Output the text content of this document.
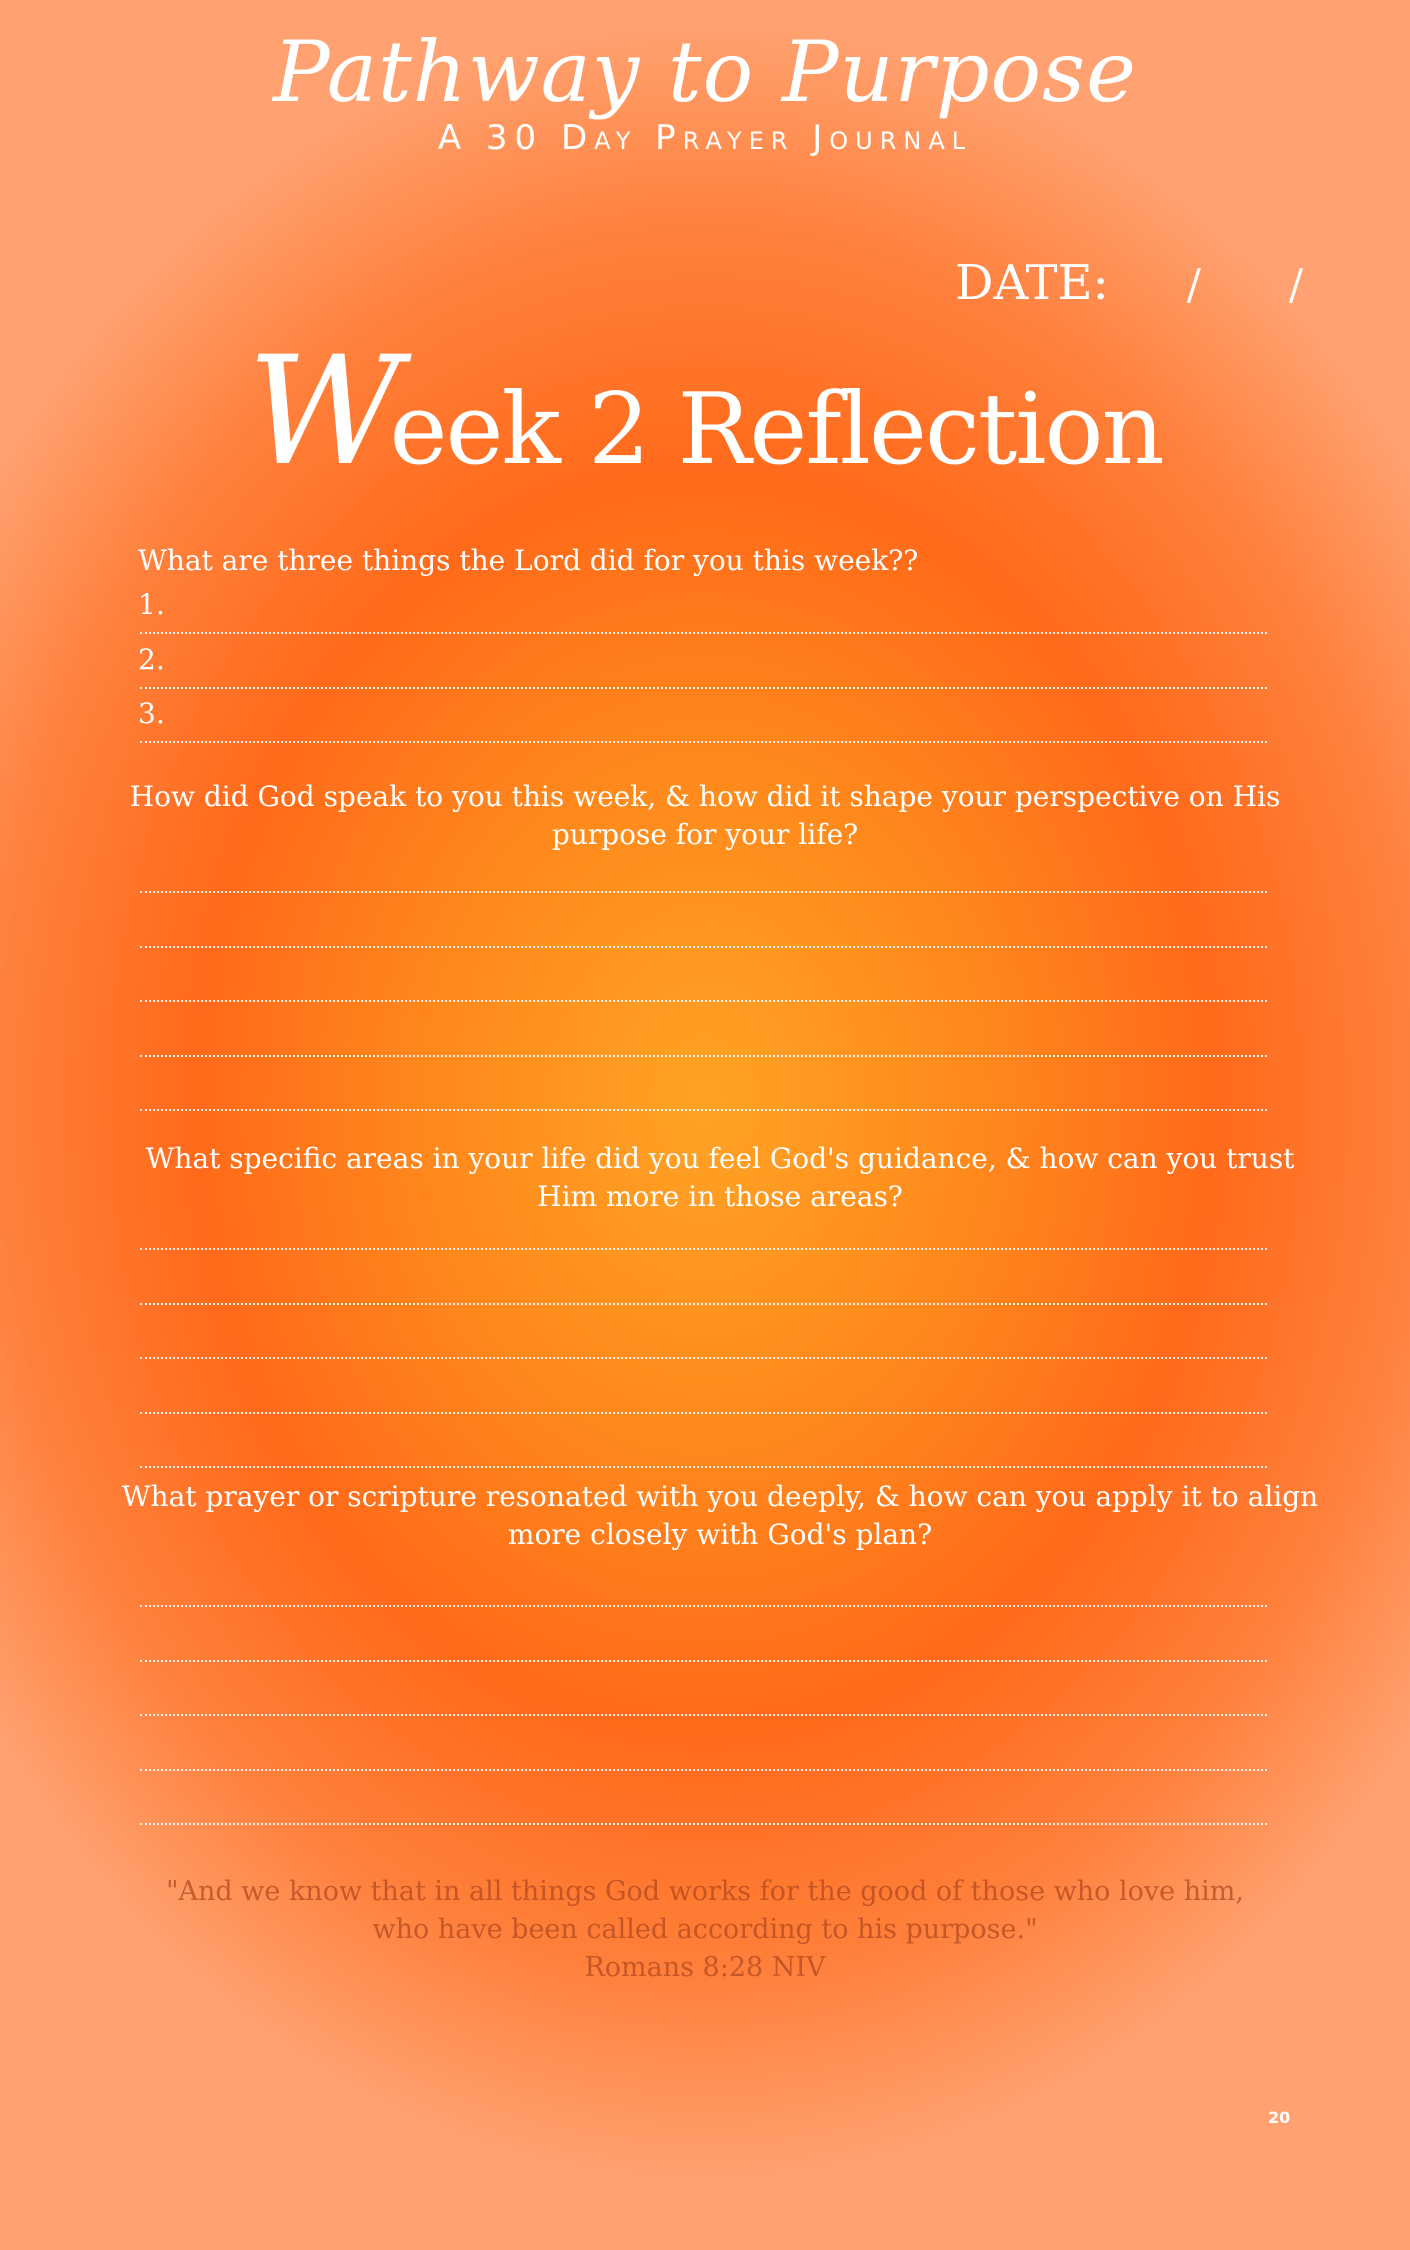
Pathway to Purpose
A 30 Day Prayer Journal
DATE: / /
Week 2 Reflection
What are three things the Lord did for you this week??
1.
2.
3.
How did God speak to you this week, & how did it shape your perspective on His purpose for your life?
What specific areas in your life did you feel God's guidance, & how can you trust Him more in those areas?
What prayer or scripture resonated with you deeply, & how can you apply it to align more closely with God's plan?
"And we know that in all things God works for the good of those who love him,
who have been called according to his purpose."
Romans 8:28 NIV
20
